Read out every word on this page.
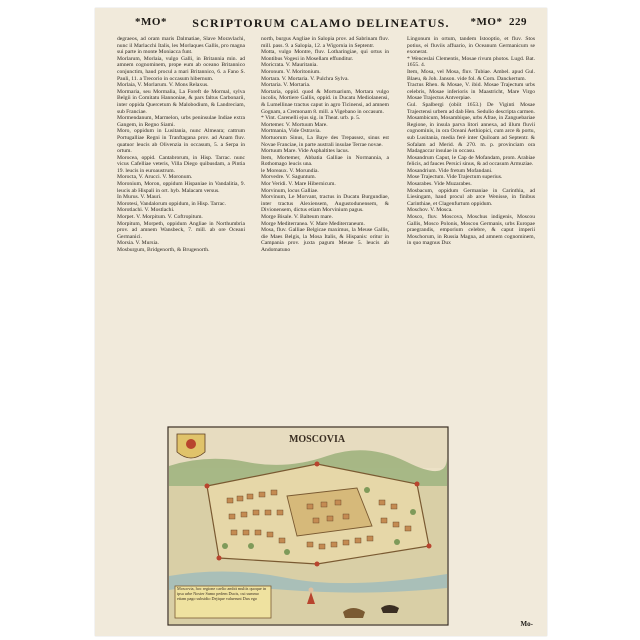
*MO*	SCRIPTORUM CALAMO DELINEATUS.	*MO* 229

degraeos, ad oram maris Dalmatiae, Slave Moravlachi, nunc il Marlacchi Italis, les Morlaques Gallis, pro magna sui parte in monte Moniacca funt.

Morlarum, Morlaia, vulgo Galli, in Britannia min. ad amnem cognominem, prope eum ab oceano Britannico conjunctim, haud procul a mari Britannico, 6. a Fano S. Pauli, 11. a Trecorio in occasum hibernum.

Morlaia, V. Morlarum. V. Mons Relaxus.

Mormaria, seu Mormalia, La Foreft de Mormal, sylva Belgii in Comitatu Hannoniae, & pars faltus Carbonarii, inter oppida Quercetum & Malobodium, & Landreciam, sub Franciae.

Mormendanum, Marmelon, urbs peninsulae Indiae extra Gangem, in Regno Siami.

Moro, oppidum in Lusitania, nunc Almeara; cattrum Portugalliae Regni in Tranftagana prov. ad Anam fluv. quatuor leucis ab Olivenzia in occasum, 5. a Serpa in ortum.

Morocea, oppid. Cantabrorum, in Hisp. Tarrac. nunc vicus Cafelliae veteris, Villa Diego quibusdam, a Pintia 19. leucis in euroaustrum.

Morocta, V. Arucci. V. Moronum.

Moronium, Moron, oppidum Hispaniae in Vandalitia, 9. leucis ab Hispali in ort. hyb. Malacam versus.

In Murus. V. Mauri.

Morotesi, Vandalorum oppidum, in Hisp. Tarrac.

Morotlachi. V. Mostlachi.

Morpet. V. Morpitum. V. Coftropitum.

Morpitum, Morpeth, oppidum Angliae in Northumbria prov. ad amnem Wansbeck, 7. mill. ab ore Oceani Germanici.

Morsia. V. Mursia.

Mosburgum, Bridgenorth, & Brugenorth.

north, burgus Angliae in Salopia prov. ad Sabrinam fluv. mill. pass. 9. a Salopia, 12. a Wigornia in Septentr.

Motta, vulgo Montre, fluv. Lotharingiae, qui ortus in Montibus Vogesi in Mosellam effunditur.

Moricrata. V. Mauritania.

Moronum. V. Moritonium.

Mortara. V. Mortaria. V. Pulchra Sylva.

Mortaria. V. Mortaria.

Mortaria, oppid. quod & Mortuarium, Mortara vulgo incolis, Mortiere Gallis, oppid. in Ducatu Mediolanensi, & Lumellinae tractus caput in agro Ticinensi, ad amnem Gognam, a Cremonam 8. mill. a Vigebano in occasum.

* Vint. Carenelli ejus sig. in Theat. urb. p. 5.

Mortemer. V. Mortuum Mare.

Mortmania, Vide Ostravia.

Mortuorum Sinus, La Baye des Trepassez, sinus est Novae Franciae, in parte australi insulae Terrae novae.

Mortuum Mare. Vide Asphaltites lacus.

Item, Mortemer, Abbatia Galliae in Normannia, a Rothomago leucis una.

le Moreaux. V. Morundia.

Morvedre. V. Saguntum.

Mor Veridi. V. Mare Hibernicum.

Morvinum, locus Galliae.

Morvinum, Le Morvant, tractus in Ducatu Burgundiae, inter tractus Alexiensem, Augustodunensem, & Divionensem, dictus etiam Morvinium pagus.

Morge Bisale. V. Balteum mare.

Morge Mediterranea. V. Mare Mediterraneum.

Mosa, fluv. Galliae Belgicae maximus, la Meuse Gallis, die Maes Belgis, la Mosa Italis, & Hispanis: oritur in Campania prov. juxta pagum Meuse 5. leucis ab Andomatuno

Lingonum in ortum, tandem Istooptio, et fluv. Stos potius, ei fluviis affuario, in Oceanum Germanicum se exonerat.

* Wenceslai Clementis, Mosae rivum photos. Lugd. Bat. 1655. 4.

Item, Mosa, vel Mosa, fluv. Tubiae. Ambel. apud Gul. Blaeu, & Joh. Janson. vide fol. & Corn. Danckertum.

Tractus Rhen. & Mosae, V. ibid. Mosae Trajectum urbs celebris, Mosae inferioris in Maastricht, Mare Virgo Mosae Trajectus Antverpiae.

Gul. Spalbergi (obiit 1653.) De Viginti Mosae Trajectensi urbem ad dab Hen. Sedulio descripta carmen.

Mosambicum, Mosambique, urbs Afrae, in Zanguebariae Regione, in insula parva litori annexa, ad illum fluvii cognominis, in ora Oceani Aethiopici, cum arce & portu, sub Lusitania, media ferè inter Quiloam ad Septentr. & Sofalam ad Merid. & 270. m. p. provinciam ora Madagaccar insulae in occasu.

Mosandrum Caput, le Cap de Mofandam, prom. Arabiae felicis, ad fauces Persici sinus, & ad occasum Armuziae.

Mosandrium. Vide fretum Mofandani.

Mose Trajectum. Vide Trajectum superius.

Mosarabes. Vide Muzarabes.

Mosbacum, oppidum Germaniae in Carinthia, ad Liesingam, haud procul ab arce Wenisse, in finibus Carinthiae, et Clagenfurtum oppidum.

Moschov. V. Mosca.

Mosco, fluv. Moscova, Moschus indigenis, Moscou Gallis, Mosco Polonis, Moscou Germanis, urbs Europae praegrandis, emporium celebre, & caput imperii Moschorum, in Russia Magna, ad amnem cognominem, in quo magnus Dux

MOSCOVIA
Moscovia, hoc regione caelio ambit multis quoque in ipsa urbe Noster Sumo pedem Ducis, cui summo etiam pago subsidio Dejique valuerunt Dux ego
Mo-
